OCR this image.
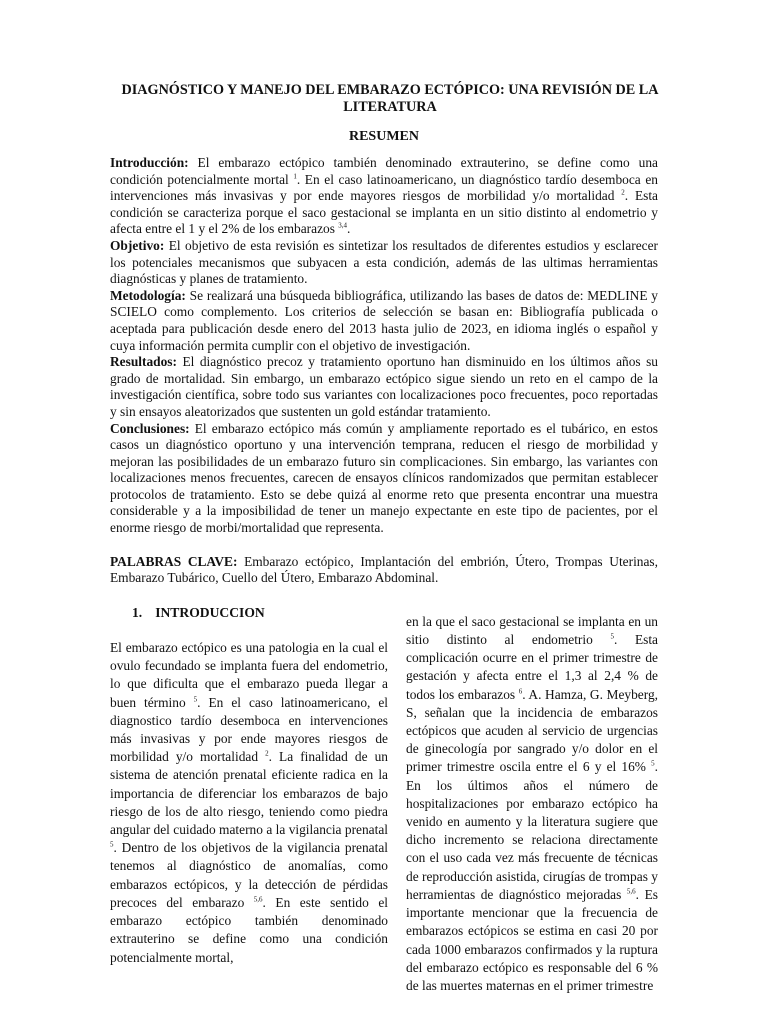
DIAGNÓSTICO Y MANEJO DEL EMBARAZO ECTÓPICO: UNA REVISIÓN DE LA LITERATURA
RESUMEN

Introducción: El embarazo ectópico también denominado extrauterino, se define como una condición potencialmente mortal $^1$. En el caso latinoamericano, un diagnóstico tardío desemboca en intervenciones más invasivas y por ende mayores riesgos de morbilidad y/o mortalidad $^2$. Esta condición se caracteriza porque el saco gestacional se implanta en un sitio distinto al endometrio y afecta entre el 1 y el 2% de los embarazos $^{3,4}$.

Objetivo: El objetivo de esta revisión es sintetizar los resultados de diferentes estudios y esclarecer los potenciales mecanismos que subyacen a esta condición, además de las ultimas herramientas diagnósticas y planes de tratamiento.

Metodología: Se realizará una búsqueda bibliográfica, utilizando las bases de datos de: MEDLINE y SCIELO como complemento. Los criterios de selección se basan en: Bibliografía publicada o aceptada para publicación desde enero del 2013 hasta julio de 2023, en idioma inglés o español y cuya información permita cumplir con el objetivo de investigación.

Resultados: El diagnóstico precoz y tratamiento oportuno han disminuido en los últimos años su grado de mortalidad. Sin embargo, un embarazo ectópico sigue siendo un reto en el campo de la investigación científica, sobre todo sus variantes con localizaciones poco frecuentes, poco reportadas y sin ensayos aleatorizados que sustenten un gold estándar tratamiento.

Conclusiones: El embarazo ectópico más común y ampliamente reportado es el tubárico, en estos casos un diagnóstico oportuno y una intervención temprana, reducen el riesgo de morbilidad y mejoran las posibilidades de un embarazo futuro sin complicaciones. Sin embargo, las variantes con localizaciones menos frecuentes, carecen de ensayos clínicos randomizados que permitan establecer protocolos de tratamiento. Esto se debe quizá al enorme reto que presenta encontrar una muestra considerable y a la imposibilidad de tener un manejo expectante en este tipo de pacientes, por el enorme riesgo de morbi/mortalidad que representa.

PALABRAS CLAVE: Embarazo ectópico, Implantación del embrión, Útero, Trompas Uterinas, Embarazo Tubárico, Cuello del Útero, Embarazo Abdominal.
1. INTRODUCCION

El embarazo ectópico es una patologia en la cual el ovulo fecundado se implanta fuera del endometrio, lo que dificulta que el embarazo pueda llegar a buen término $^5$. En el caso latinoamericano, el diagnostico tardío desemboca en intervenciones más invasivas y por ende mayores riesgos de morbilidad y/o mortalidad $^2$. La finalidad de un sistema de atención prenatal eficiente radica en la importancia de diferenciar los embarazos de bajo riesgo de los de alto riesgo, teniendo como piedra angular del cuidado materno a la vigilancia prenatal $^5$. Dentro de los objetivos de la vigilancia prenatal tenemos al diagnóstico de anomalías, como embarazos ectópicos, y la detección de pérdidas precoces del embarazo $^{5,6}$. En este sentido el embarazo ectópico también denominado extrauterino se define como una condición potencialmente mortal,

en la que el saco gestacional se implanta en un sitio distinto al endometrio $^5$. Esta complicación ocurre en el primer trimestre de gestación y afecta entre el 1,3 al 2,4 % de todos los embarazos $^6$. A. Hamza, G. Meyberg, S, señalan que la incidencia de embarazos ectópicos que acuden al servicio de urgencias de ginecología por sangrado y/o dolor en el primer trimestre oscila entre el 6 y el 16% $^5$. En los últimos años el número de hospitalizaciones por embarazo ectópico ha venido en aumento y la literatura sugiere que dicho incremento se relaciona directamente con el uso cada vez más frecuente de técnicas de reproducción asistida, cirugías de trompas y herramientas de diagnóstico mejoradas $^{5,6}$. Es importante mencionar que la frecuencia de embarazos ectópicos se estima en casi 20 por cada 1000 embarazos confirmados y la ruptura del embarazo ectópico es responsable del 6 % de las muertes maternas en el primer trimestre
